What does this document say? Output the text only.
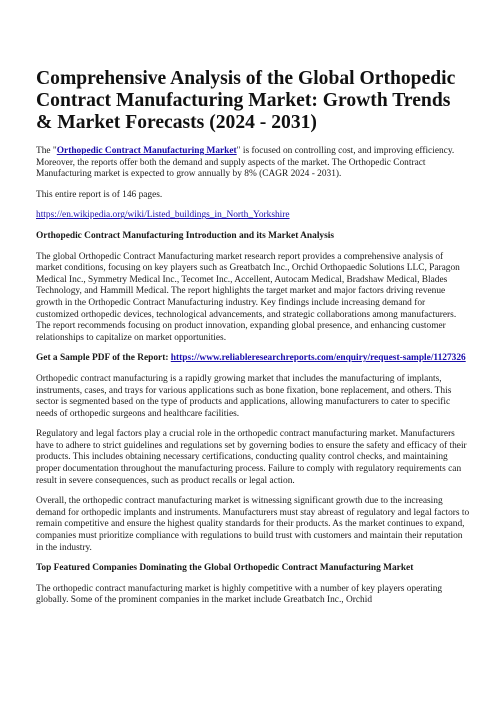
Comprehensive Analysis of the Global Orthopedic Contract Manufacturing Market: Growth Trends & Market Forecasts (2024 - 2031)

The "Orthopedic Contract Manufacturing Market" is focused on controlling cost, and improving efficiency. Moreover, the reports offer both the demand and supply aspects of the market. The Orthopedic Contract Manufacturing market is expected to grow annually by 8% (CAGR 2024 - 2031).

This entire report is of 146 pages.

https://en.wikipedia.org/wiki/Listed_buildings_in_North_Yorkshire

Orthopedic Contract Manufacturing Introduction and its Market Analysis

The global Orthopedic Contract Manufacturing market research report provides a comprehensive analysis of market conditions, focusing on key players such as Greatbatch Inc., Orchid Orthopaedic Solutions LLC, Paragon Medical Inc., Symmetry Medical Inc., Tecomet Inc., Accellent, Autocam Medical, Bradshaw Medical, Blades Technology, and Hammill Medical. The report highlights the target market and major factors driving revenue growth in the Orthopedic Contract Manufacturing industry. Key findings include increasing demand for customized orthopedic devices, technological advancements, and strategic collaborations among manufacturers. The report recommends focusing on product innovation, expanding global presence, and enhancing customer relationships to capitalize on market opportunities.

Get a Sample PDF of the Report: https://www.reliableresearchreports.com/enquiry/request-sample/1127326

Orthopedic contract manufacturing is a rapidly growing market that includes the manufacturing of implants, instruments, cases, and trays for various applications such as bone fixation, bone replacement, and others. This sector is segmented based on the type of products and applications, allowing manufacturers to cater to specific needs of orthopedic surgeons and healthcare facilities.

Regulatory and legal factors play a crucial role in the orthopedic contract manufacturing market. Manufacturers have to adhere to strict guidelines and regulations set by governing bodies to ensure the safety and efficacy of their products. This includes obtaining necessary certifications, conducting quality control checks, and maintaining proper documentation throughout the manufacturing process. Failure to comply with regulatory requirements can result in severe consequences, such as product recalls or legal action.

Overall, the orthopedic contract manufacturing market is witnessing significant growth due to the increasing demand for orthopedic implants and instruments. Manufacturers must stay abreast of regulatory and legal factors to remain competitive and ensure the highest quality standards for their products. As the market continues to expand, companies must prioritize compliance with regulations to build trust with customers and maintain their reputation in the industry.

Top Featured Companies Dominating the Global Orthopedic Contract Manufacturing Market

The orthopedic contract manufacturing market is highly competitive with a number of key players operating globally. Some of the prominent companies in the market include Greatbatch Inc., Orchid
